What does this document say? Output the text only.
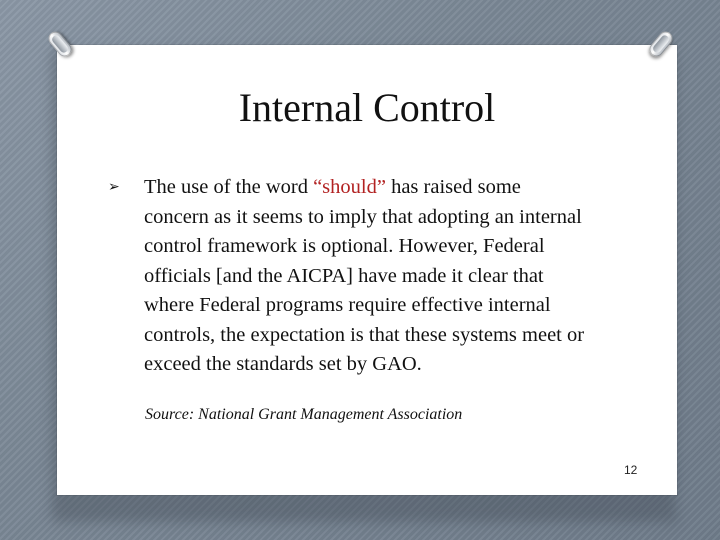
Internal Control
➢	The use of the word “should” has raised some concern as it seems to imply that adopting an internal control framework is optional. However, Federal officials [and the AICPA] have made it clear that where Federal programs require effective internal controls, the expectation is that these systems meet or exceed the standards set by GAO.

Source: National Grant Management Association

12
